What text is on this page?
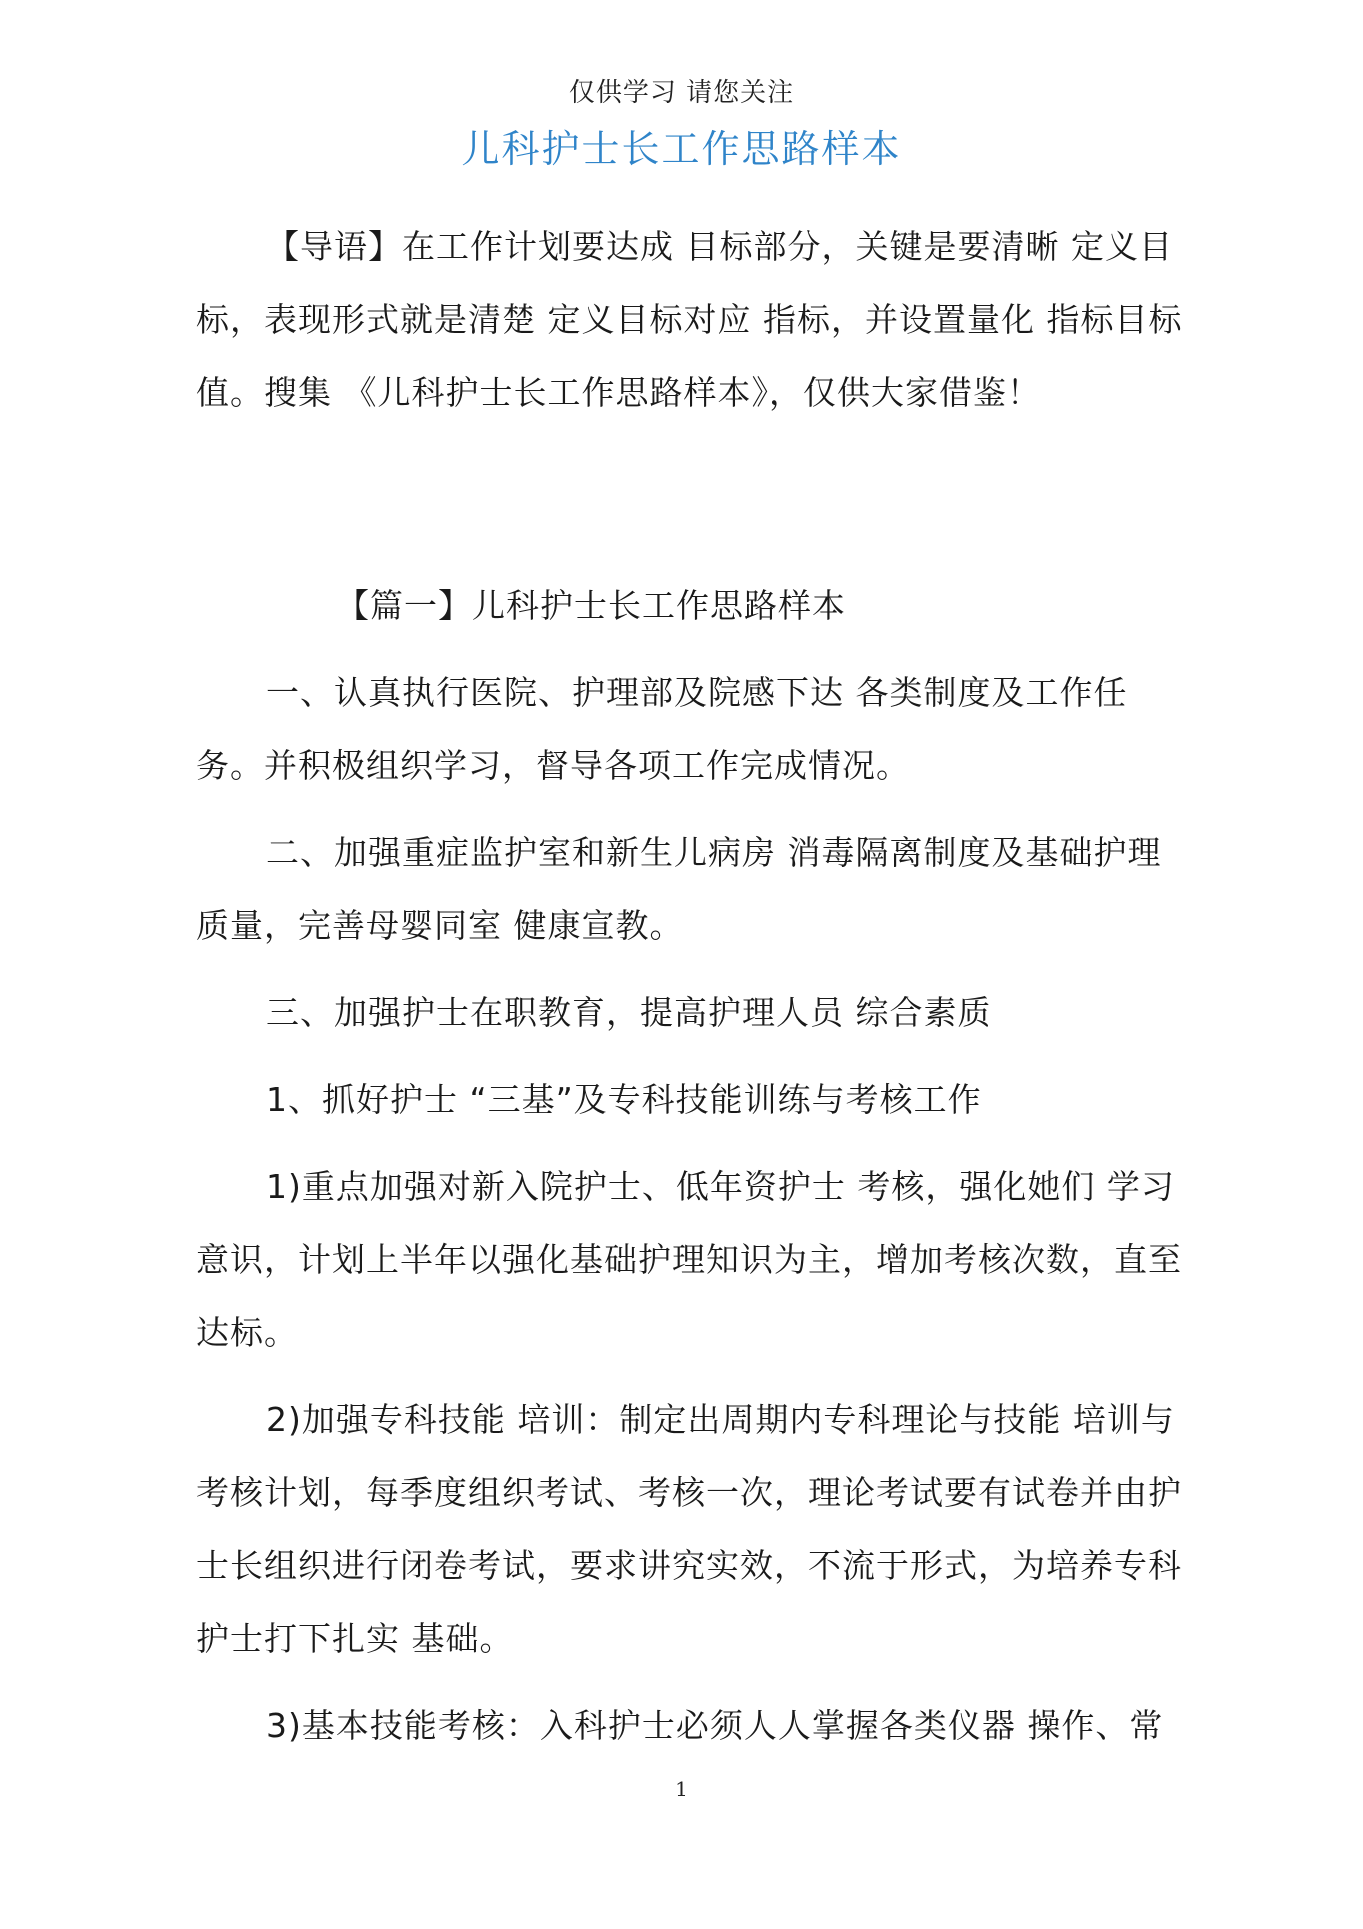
仅供学习 请您关注
儿科护士长工作思路样本

【导语】在工作计划要达成 目标部分，关键是要清晰 定义目标，表现形式就是清楚 定义目标对应 指标，并设置量化 指标目标值。搜集 《儿科护士长工作思路样本》，仅供大家借鉴！

【篇一】儿科护士长工作思路样本

一、认真执行医院、护理部及院感下达 各类制度及工作任务。并积极组织学习，督导各项工作完成情况。

二、加强重症监护室和新生儿病房 消毒隔离制度及基础护理质量，完善母婴同室 健康宣教。

三、加强护士在职教育，提高护理人员 综合素质

1、抓好护士 “三基”及专科技能训练与考核工作

1)重点加强对新入院护士、低年资护士 考核，强化她们 学习意识，计划上半年以强化基础护理知识为主，增加考核次数，直至达标。

2)加强专科技能 培训：制定出周期内专科理论与技能 培训与考核计划，每季度组织考试、考核一次，理论考试要有试卷并由护士长组织进行闭卷考试，要求讲究实效，不流于形式，为培养专科护士打下扎实 基础。

3)基本技能考核：入科护士必须人人掌握各类仪器 操作、常

1
